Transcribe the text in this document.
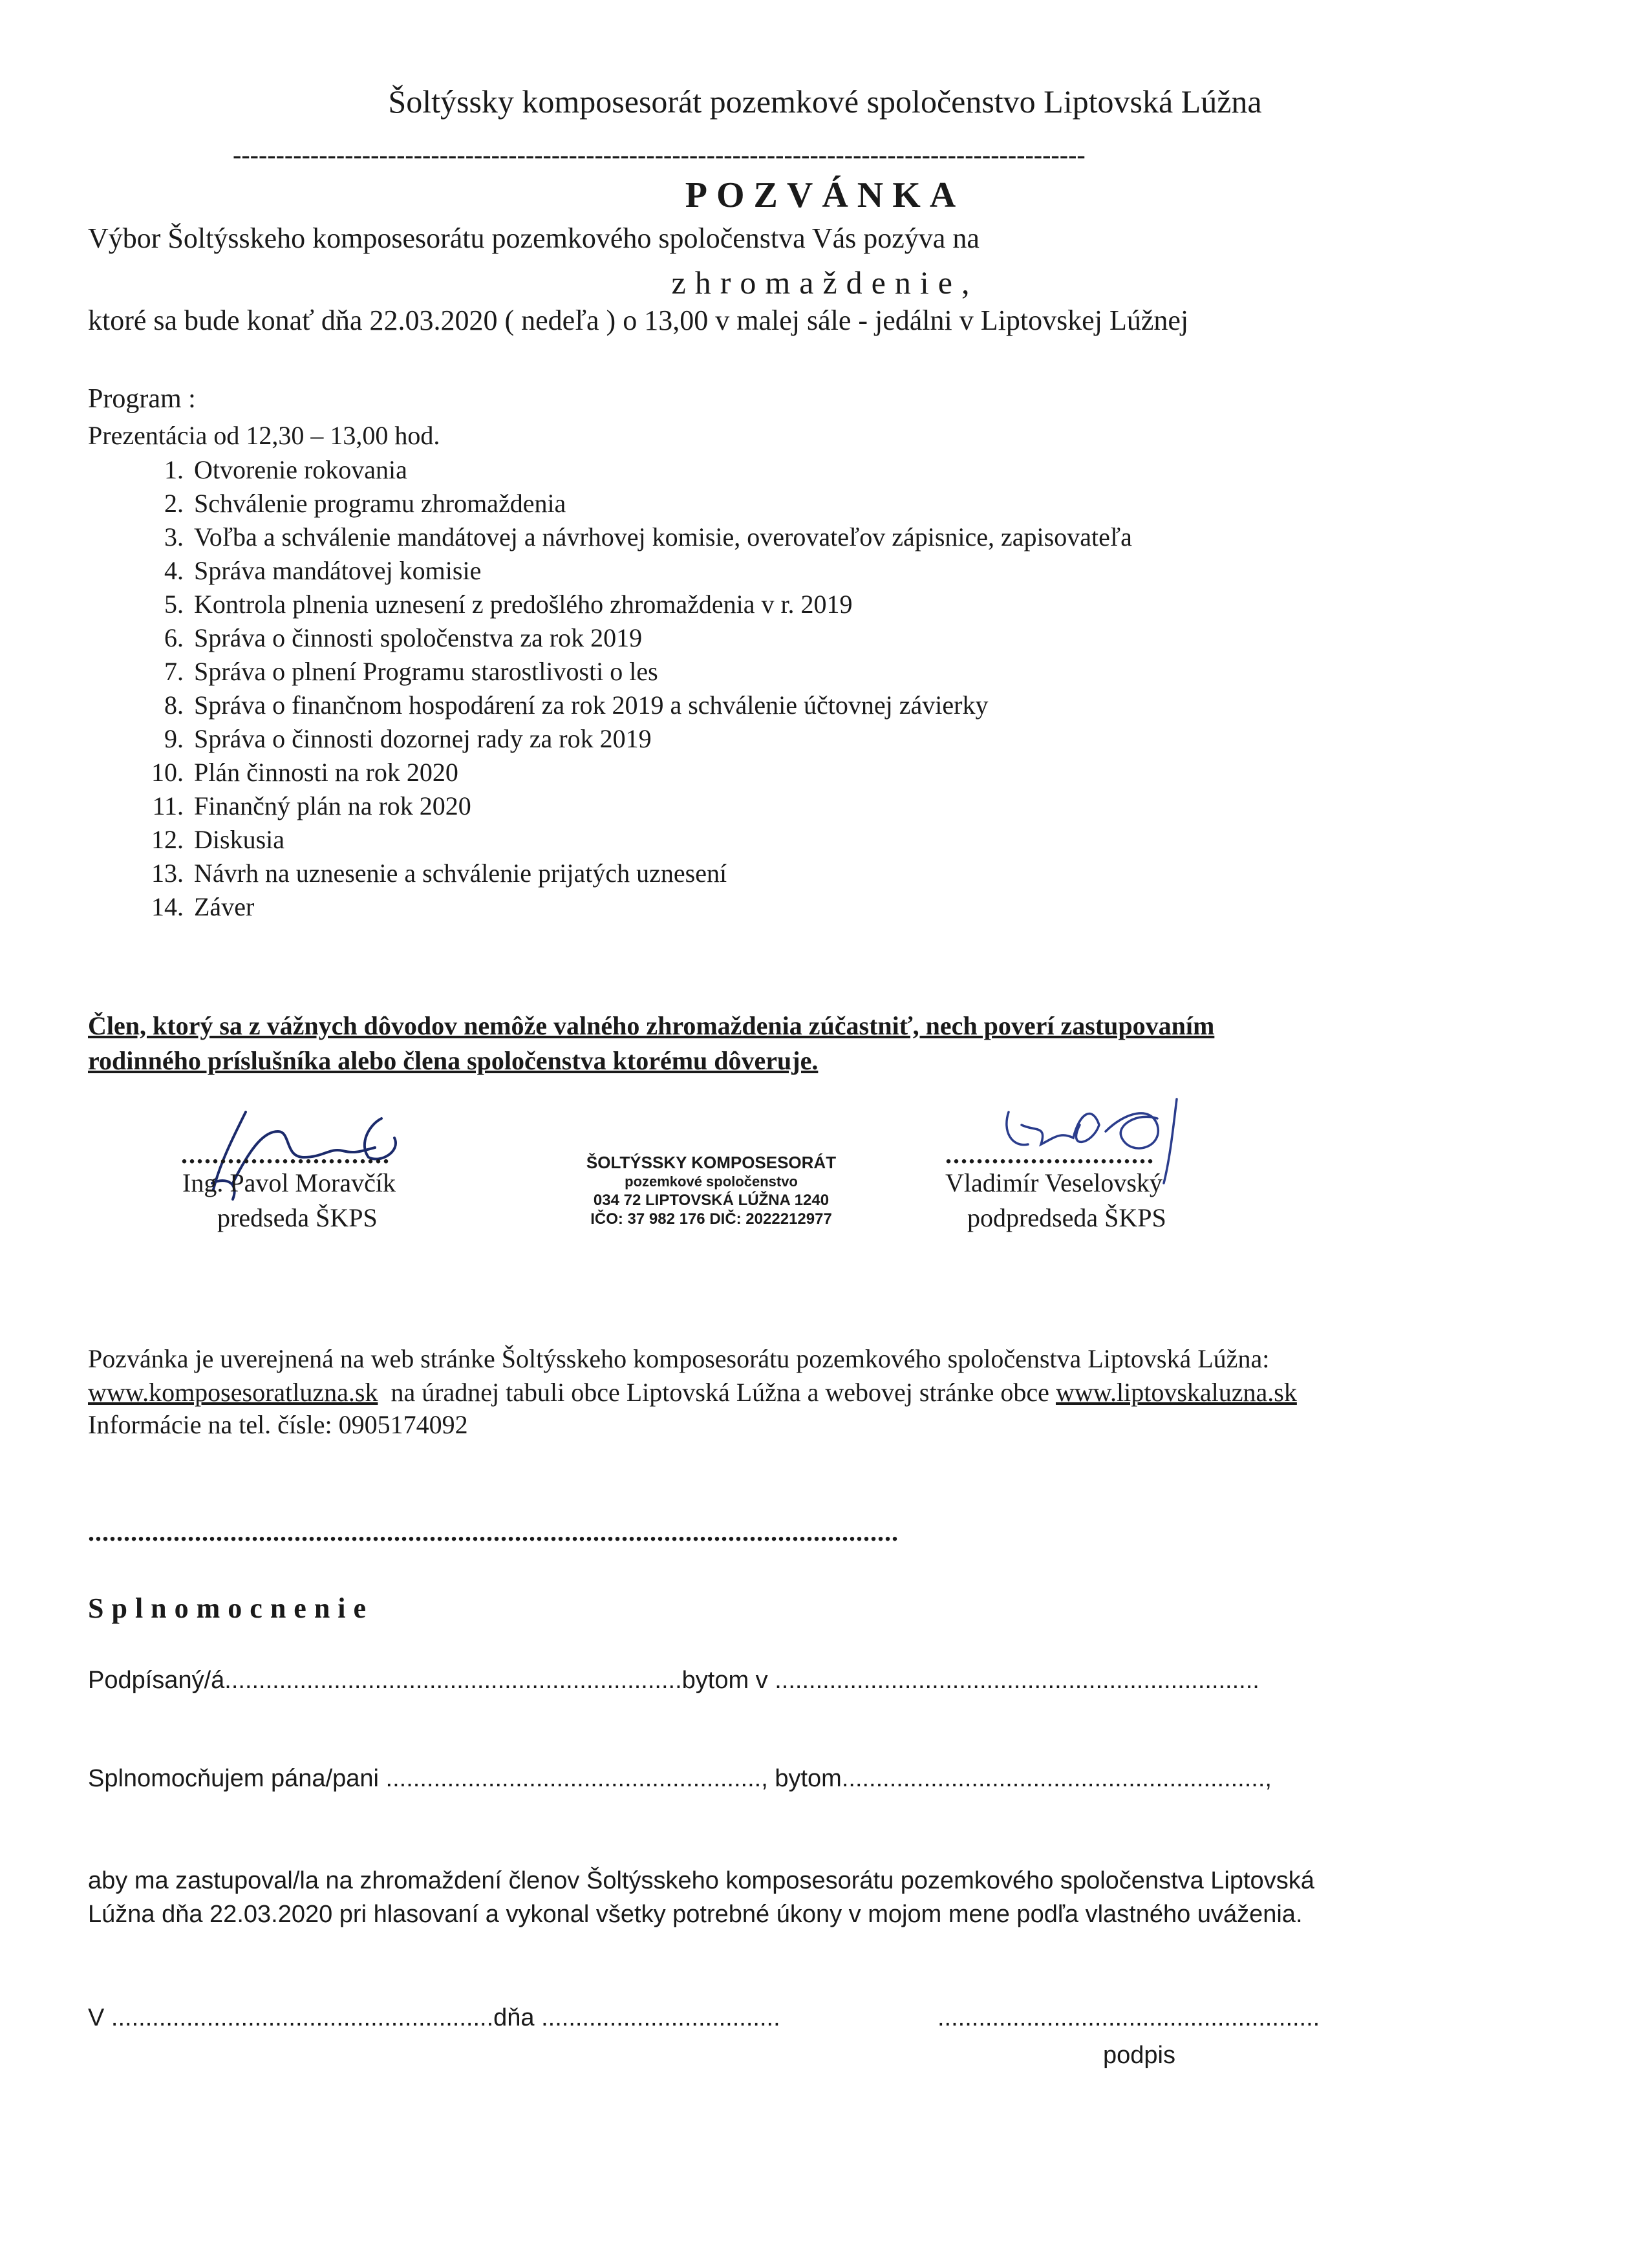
Šoltýssky komposesorát pozemkové spoločenstvo Liptovská Lúžna
---------------------------------------------------------------------------------------------------
POZVÁNKA
Výbor Šoltýsskeho komposesorátu pozemkového spoločenstva Vás pozýva na
zhromaždenie,
ktoré sa bude konať dňa 22.03.2020 ( nedeľa ) o 13,00 v malej sále - jedálni v Liptovskej Lúžnej
Program :
Prezentácia od 12,30 – 13,00 hod.
1. Otvorenie rokovania
2. Schválenie programu zhromaždenia
3. Voľba a schválenie mandátovej a návrhovej komisie, overovateľov zápisnice, zapisovateľa
4. Správa mandátovej komisie
5. Kontrola plnenia uznesení z predošlého zhromaždenia v r. 2019
6. Správa o činnosti spoločenstva za rok 2019
7. Správa o plnení Programu starostlivosti o les
8. Správa o finančnom hospodárení za rok 2019 a schválenie účtovnej závierky
9. Správa o činnosti dozornej rady za rok 2019
10. Plán činnosti na rok 2020
11. Finančný plán na rok 2020
12. Diskusia
13. Návrh na uznesenie a schválenie prijatých uznesení
14. Záver
Člen, ktorý sa z vážnych dôvodov nemôže valného zhromaždenia zúčastniť, nech poverí zastupovaním
rodinného príslušníka alebo člena spoločenstva ktorému dôveruje.
...........................
Ing. Pavol Moravčík
predseda ŠKPS
ŠOLTÝSSKY KOMPOSESORÁT
pozemkové spoločenstvo
034 72 LIPTOVSKÁ LÚŽNA 1240
IČO: 37 982 176 DIČ: 2022212977
...........................
Vladimír Veselovský
podpredseda ŠKPS
Pozvánka je uverejnená na web stránke Šoltýsskeho komposesorátu pozemkového spoločenstva Liptovská Lúžna:
www.komposesoratluzna.sk  na úradnej tabuli obce Liptovská Lúžna a webovej stránke obce www.liptovskaluzna.sk
Informácie na tel. čísle: 0905174092
..................................................................................................................
Splnomocnenie
Podpísaný/á...................................................................bytom v .......................................................................
Splnomocňujem pána/pani ......................................................., bytom..............................................................,
aby ma zastupoval/la na zhromaždení členov Šoltýsskeho komposesorátu pozemkového spoločenstva Liptovská
Lúžna dňa 22.03.2020 pri hlasovaní a vykonal všetky potrebné úkony v mojom mene podľa vlastného uváženia.
V ........................................................dňa ...................................	........................................................
podpis
